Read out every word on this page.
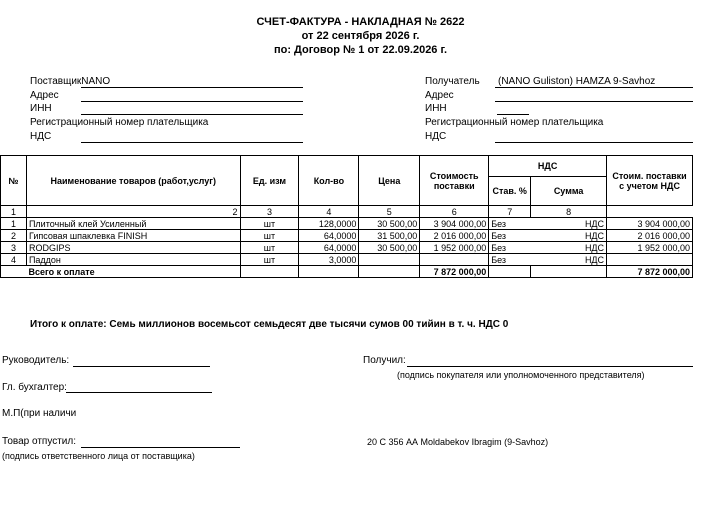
СЧЕТ-ФАКТУРА - НАКЛАДНАЯ № 2622
от 22 сентября 2026 г.
по: Договор № 1 от 22.09.2026 г.
ПоставщикNANO
Адрес
ИНН
Регистрационный номер плательщика
НДС
Получатель (NANO Guliston) HAMZA 9-Savhoz
Адрес
ИНН
Регистрационный номер плательщика
НДС
№	Наименование товаров (работ,услуг)	Ед. изм	Кол-во	Цена	Стоимость поставки	НДС		Стоим. поставки с учетом НДС
						Став. %	Сумма	
1	2	3	4	5	6	7	8
1	Плиточный клей Усиленный	шт	128,0000	30 500,00	3 904 000,00	Без	НДС	3 904 000,00
2	Гипсовая шпаклевка FINISH	шт	64,0000	31 500,00	2 016 000,00	Без	НДС	2 016 000,00
3	RODGIPS	шт	64,0000	30 500,00	1 952 000,00	Без	НДС	1 952 000,00
4	Паддон	шт	3,0000			Без	НДС	
	Всего к оплате				7 872 000,00			7 872 000,00
Итого к оплате: Семь миллионов восемьсот семьдесят две тысячи сумов 00 тийин в т. ч. НДС 0
Руководитель:	Получил:
(подпись покупателя или уполномоченного представителя)
Гл. бухгалтер:
М.П(при наличи
Товар отпустил:
(подпись ответственного лица от поставщика)
20 С 356 АА Moldabekov Ibragim (9-Savhoz)
